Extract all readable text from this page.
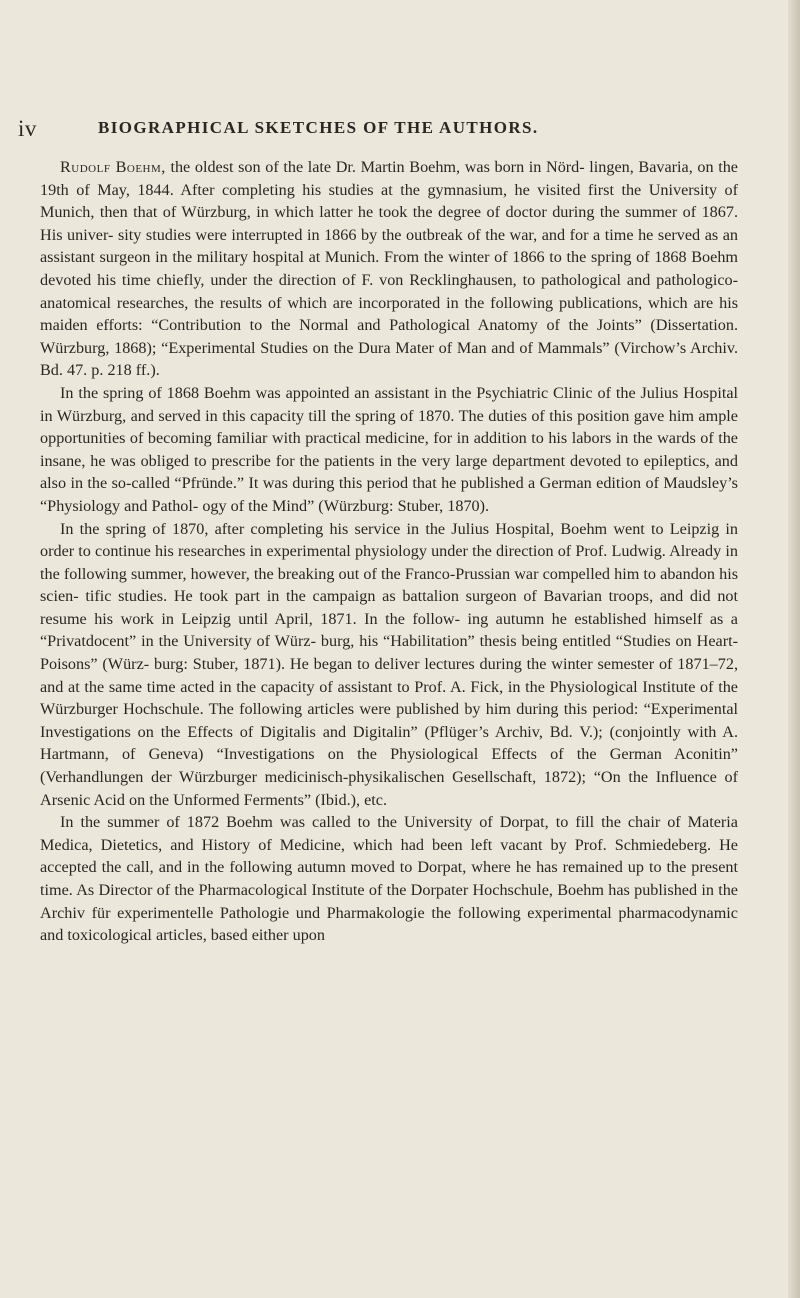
iv	BIOGRAPHICAL SKETCHES OF THE AUTHORS.

Rudolf Boehm, the oldest son of the late Dr. Martin Boehm, was born in Nörd- lingen, Bavaria, on the 19th of May, 1844. After completing his studies at the gymnasium, he visited first the University of Munich, then that of Würzburg, in which latter he took the degree of doctor during the summer of 1867. His univer- sity studies were interrupted in 1866 by the outbreak of the war, and for a time he served as an assistant surgeon in the military hospital at Munich. From the winter of 1866 to the spring of 1868 Boehm devoted his time chiefly, under the direction of F. von Recklinghausen, to pathological and pathologico-anatomical researches, the results of which are incorporated in the following publications, which are his maiden efforts: “Contribution to the Normal and Pathological Anatomy of the Joints” (Dissertation. Würzburg, 1868); “Experimental Studies on the Dura Mater of Man and of Mammals” (Virchow’s Archiv. Bd. 47. p. 218 ff.).

In the spring of 1868 Boehm was appointed an assistant in the Psychiatric Clinic of the Julius Hospital in Würzburg, and served in this capacity till the spring of 1870. The duties of this position gave him ample opportunities of becoming familiar with practical medicine, for in addition to his labors in the wards of the insane, he was obliged to prescribe for the patients in the very large department devoted to epileptics, and also in the so-called “Pfründe.” It was during this period that he published a German edition of Maudsley’s “Physiology and Pathol- ogy of the Mind” (Würzburg: Stuber, 1870).

In the spring of 1870, after completing his service in the Julius Hospital, Boehm went to Leipzig in order to continue his researches in experimental physiology under the direction of Prof. Ludwig. Already in the following summer, however, the breaking out of the Franco-Prussian war compelled him to abandon his scien- tific studies. He took part in the campaign as battalion surgeon of Bavarian troops, and did not resume his work in Leipzig until April, 1871. In the follow- ing autumn he established himself as a “Privatdocent” in the University of Würz- burg, his “Habilitation” thesis being entitled “Studies on Heart-Poisons” (Würz- burg: Stuber, 1871). He began to deliver lectures during the winter semester of 1871–72, and at the same time acted in the capacity of assistant to Prof. A. Fick, in the Physiological Institute of the Würzburger Hochschule. The following articles were published by him during this period: “Experimental Investigations on the Effects of Digitalis and Digitalin” (Pflüger’s Archiv, Bd. V.); (conjointly with A. Hartmann, of Geneva) “Investigations on the Physiological Effects of the German Aconitin” (Verhandlungen der Würzburger medicinisch-physikalischen Gesellschaft, 1872); “On the Influence of Arsenic Acid on the Unformed Ferments” (Ibid.), etc.

In the summer of 1872 Boehm was called to the University of Dorpat, to fill the chair of Materia Medica, Dietetics, and History of Medicine, which had been left vacant by Prof. Schmiedeberg. He accepted the call, and in the following autumn moved to Dorpat, where he has remained up to the present time. As Director of the Pharmacological Institute of the Dorpater Hochschule, Boehm has published in the Archiv für experimentelle Pathologie und Pharmakologie the following experimental pharmacodynamic and toxicological articles, based either upon
